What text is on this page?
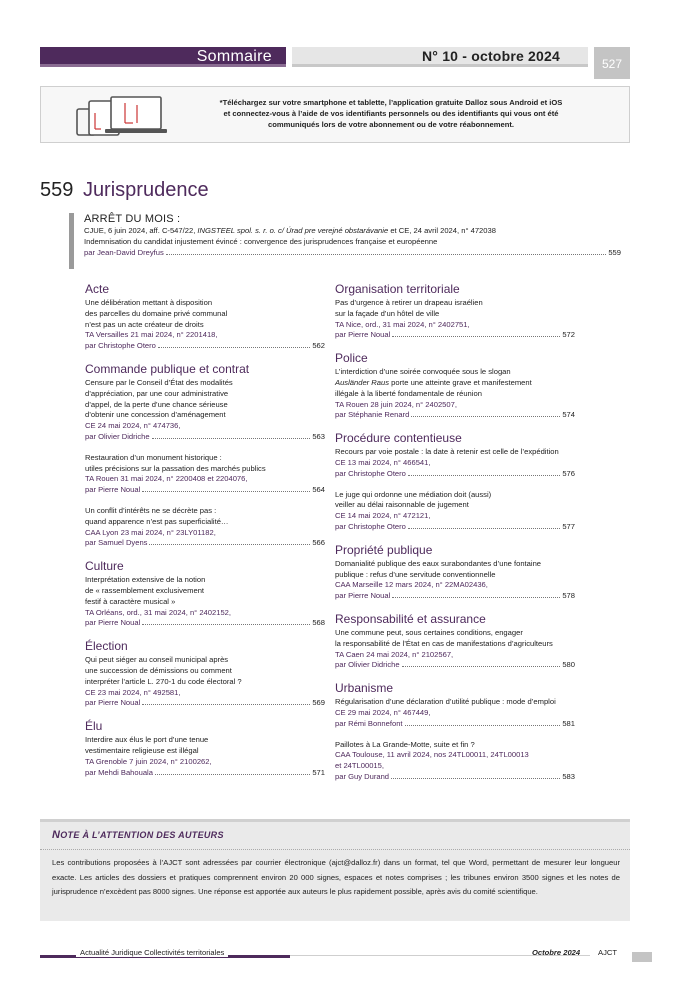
Sommaire	N° 10 - octobre 2024	527
*Téléchargez sur votre smartphone et tablette, l’application gratuite Dalloz sous Android et iOS
et connectez-vous à l’aide de vos identifiants personnels ou des identifiants qui vous ont été
communiqués lors de votre abonnement ou de votre réabonnement.
559 Jurisprudence
ARRÊT DU MOIS :
CJUE, 6 juin 2024, aff. C-547/22, INGSTEEL spol. s. r. o. c/ Úrad pre verejné obstarávanie et CE, 24 avril 2024, n° 472038
Indemnisation du candidat injustement évincé : convergence des jurisprudences française et européenne
par Jean-David Dreyfus	559
Acte
Une délibération mettant à disposition
des parcelles du domaine privé communal
n’est pas un acte créateur de droits
TA Versailles 21 mai 2024, n° 2201418,
par Christophe Otero	562
Commande publique et contrat
Censure par le Conseil d’État des modalités
d’appréciation, par une cour administrative
d’appel, de la perte d’une chance sérieuse
d’obtenir une concession d’aménagement
CE 24 mai 2024, n° 474736,
par Olivier Didriche	563
Restauration d’un monument historique :
utiles précisions sur la passation des marchés publics
TA Rouen 31 mai 2024, n° 2200408 et 2204076,
par Pierre Noual	564
Un conflit d’intérêts ne se décrète pas :
quand apparence n’est pas superficialité…
CAA Lyon 23 mai 2024, n° 23LY01182,
par Samuel Dyens	566
Culture
Interprétation extensive de la notion
de « rassemblement exclusivement
festif à caractère musical »
TA Orléans, ord., 31 mai 2024, n° 2402152,
par Pierre Noual	568
Élection
Qui peut siéger au conseil municipal après
une succession de démissions ou comment
interpréter l’article L. 270-1 du code électoral ?
CE 23 mai 2024, n° 492581,
par Pierre Noual	569
Élu
Interdire aux élus le port d’une tenue
vestimentaire religieuse est illégal
TA Grenoble 7 juin 2024, n° 2100262,
par Mehdi Bahouala	571
Organisation territoriale
Pas d’urgence à retirer un drapeau israélien
sur la façade d’un hôtel de ville
TA Nice, ord., 31 mai 2024, n° 2402751,
par Pierre Noual	572
Police
L’interdiction d’une soirée convoquée sous le slogan
Ausländer Raus porte une atteinte grave et manifestement
illégale à la liberté fondamentale de réunion
TA Rouen 28 juin 2024, n° 2402507,
par Stéphanie Renard	574
Procédure contentieuse
Recours par voie postale : la date à retenir est celle de l’expédition
CE 13 mai 2024, n° 466541,
par Christophe Otero	576
Le juge qui ordonne une médiation doit (aussi)
veiller au délai raisonnable de jugement
CE 14 mai 2024, n° 472121,
par Christophe Otero	577
Propriété publique
Domanialité publique des eaux surabondantes d’une fontaine
publique : refus d’une servitude conventionnelle
CAA Marseille 12 mars 2024, n° 22MA02436,
par Pierre Noual	578
Responsabilité et assurance
Une commune peut, sous certaines conditions, engager
la responsabilité de l’État en cas de manifestations d’agriculteurs
TA Caen 24 mai 2024, n° 2102567,
par Olivier Didriche	580
Urbanisme
Régularisation d’une déclaration d’utilité publique : mode d’emploi
CE 29 mai 2024, n° 467449,
par Rémi Bonnefont	581
Paillotes à La Grande-Motte, suite et fin ?
CAA Toulouse, 11 avril 2024, nos 24TL00011, 24TL00013
et 24TL00015,
par Guy Durand	583
NOTE À L’ATTENTION DES AUTEURS
Les contributions proposées à l’AJCT sont adressées par courrier électronique (ajct@dalloz.fr) dans un format, tel que Word, permettant de mesurer leur longueur exacte. Les articles des dossiers et pratiques comprennent environ 20 000 signes, espaces et notes comprises ; les tribunes environ 3500 signes et les notes de jurisprudence n’excèdent pas 8000 signes. Une réponse est apportée aux auteurs le plus rapidement possible, après avis du comité scientifique.
Actualité Juridique Collectivités territoriales	Octobre 2024 AJCT
